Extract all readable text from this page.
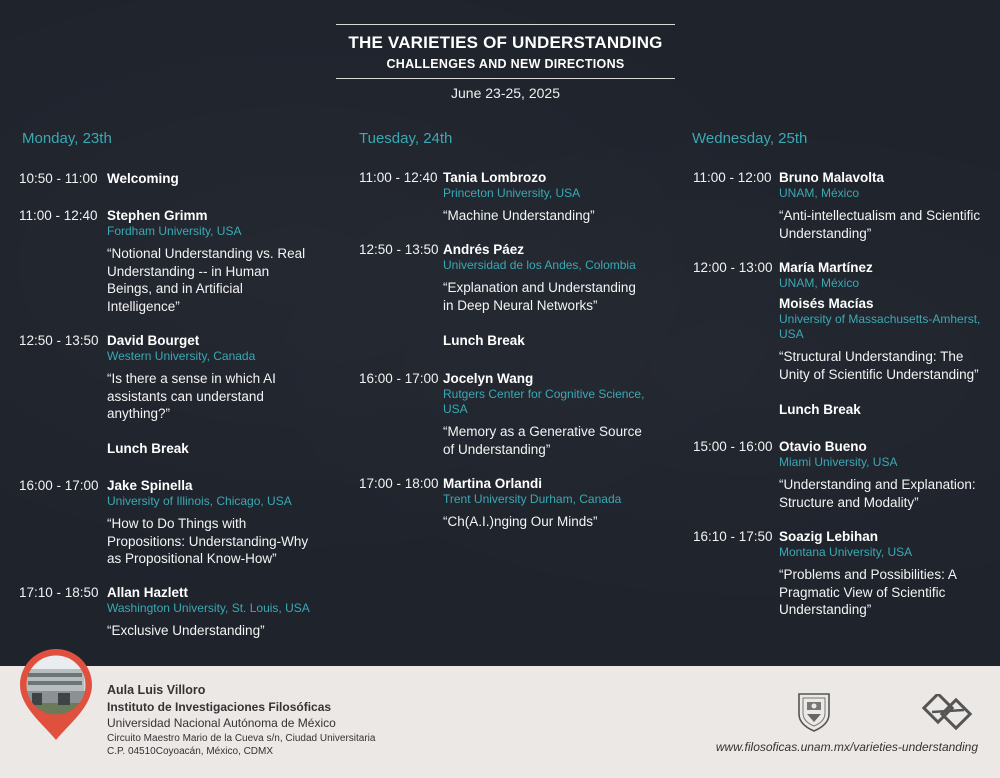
THE VARIETIES OF UNDERSTANDING
CHALLENGES AND NEW DIRECTIONS
June 23-25, 2025
Monday, 23th
10:50 - 11:00 Welcoming
11:00 - 12:40 Stephen Grimm
Fordham University, USA
“Notional Understanding vs. Real Understanding -- in Human Beings, and in Artificial Intelligence”
12:50 - 13:50 David Bourget
Western University, Canada
“Is there a sense in which AI assistants can understand anything?”
Lunch Break
16:00 - 17:00 Jake Spinella
University of Illinois, Chicago, USA
“How to Do Things with Propositions: Understanding-Why as Propositional Know-How”
17:10 - 18:50 Allan Hazlett
Washington University, St. Louis, USA
“Exclusive Understanding”
Tuesday, 24th
11:00 - 12:40 Tania Lombrozo
Princeton University, USA
“Machine Understanding”
12:50 - 13:50 Andrés Páez
Universidad de los Andes, Colombia
“Explanation and Understanding in Deep Neural Networks”
Lunch Break
16:00 - 17:00 Jocelyn Wang
Rutgers Center for Cognitive Science, USA
“Memory as a Generative Source of Understanding”
17:00 - 18:00 Martina Orlandi
Trent University Durham, Canada
“Ch(A.I.)nging Our Minds”
Wednesday, 25th
11:00 - 12:00 Bruno Malavolta
UNAM, México
“Anti-intellectualism and Scientific Understanding”
12:00 - 13:00 María Martínez
UNAM, México
Moisés Macías
University of Massachusetts-Amherst, USA
“Structural Understanding: The Unity of Scientific Understanding”
Lunch Break
15:00 - 16:00 Otavio Bueno
Miami University, USA
“Understanding and Explanation: Structure and Modality”
16:10 - 17:50 Soazig Lebihan
Montana University, USA
“Problems and Possibilities: A Pragmatic View of Scientific Understanding”
Aula Luis Villoro
Instituto de Investigaciones Filosóficas
Universidad Nacional Autónoma de México
Circuito Maestro Mario de la Cueva s/n, Ciudad Universitaria
C.P. 04510Coyoacán, México, CDMX	www.filosoficas.unam.mx/varieties-understanding
